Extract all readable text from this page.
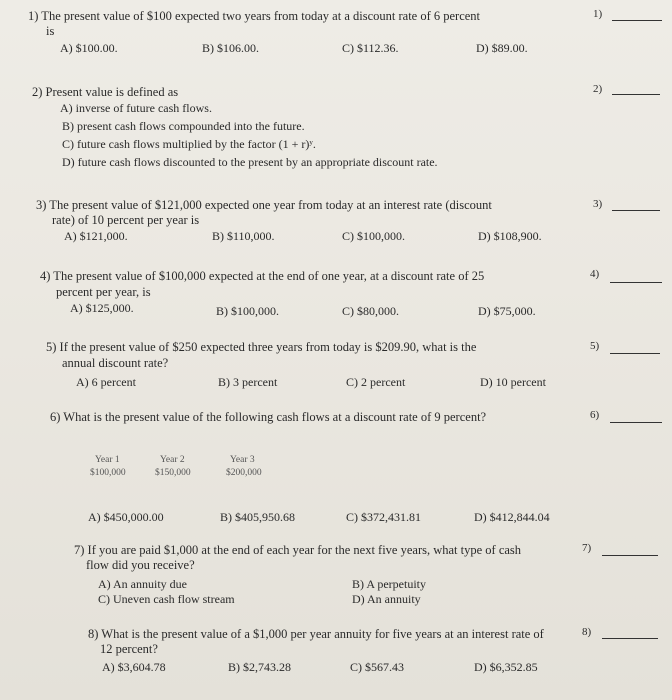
1) The present value of $100 expected two years from today at a discount rate of 6 percent
is
A) $100.00.	B) $106.00.	C) $112.36.	D) $89.00.
1)
2) Present value is defined as
A) inverse of future cash flows.
B) present cash flows compounded into the future.
C) future cash flows multiplied by the factor (1 + r)ʸ.
D) future cash flows discounted to the present by an appropriate discount rate.
2)
3) The present value of $121,000 expected one year from today at an interest rate (discount
rate) of 10 percent per year is
A) $121,000.	B) $110,000.	C) $100,000.	D) $108,900.
3)
4) The present value of $100,000 expected at the end of one year, at a discount rate of 25
percent per year, is
A) $125,000.	B) $100,000.	C) $80,000.	D) $75,000.
4)
5) If the present value of $250 expected three years from today is $209.90, what is the
annual discount rate?
A) 6 percent	B) 3 percent	C) 2 percent	D) 10 percent
5)
6) What is the present value of the following cash flows at a discount rate of 9 percent?	6)
Year 1	Year 2	Year 3
$100,000	$150,000	$200,000
A) $450,000.00	B) $405,950.68	C) $372,431.81	D) $412,844.04
7) If you are paid $1,000 at the end of each year for the next five years, what type of cash
flow did you receive?
A) An annuity due	B) A perpetuity
C) Uneven cash flow stream	D) An annuity
7)
8) What is the present value of a $1,000 per year annuity for five years at an interest rate of
12 percent?
A) $3,604.78	B) $2,743.28	C) $567.43	D) $6,352.85
8)
